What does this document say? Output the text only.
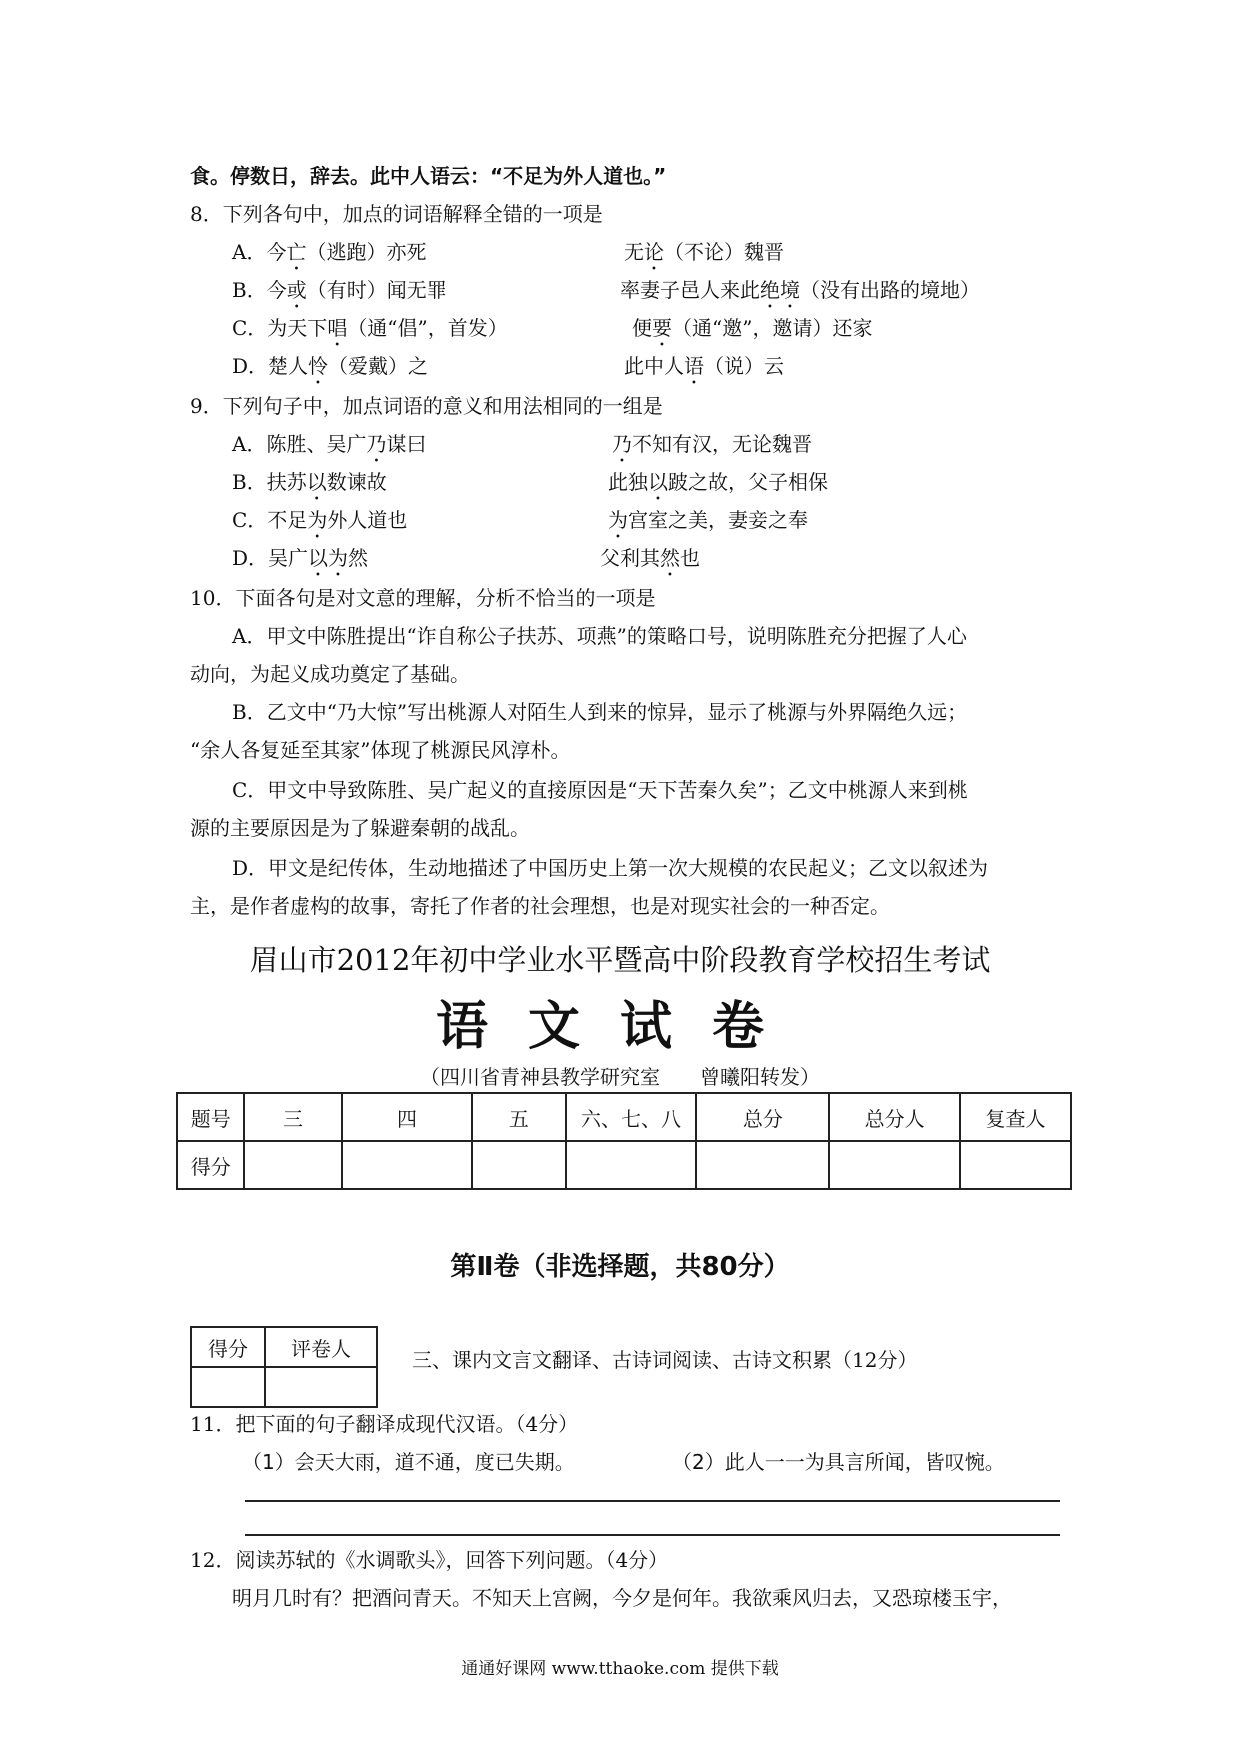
食。停数日，辞去。此中人语云：“不足为外人道也。”
8．下列各句中，加点的词语解释全错的一项是
A．今亡（逃跑）亦死	无论（不论）魏晋
B．今或（有时）闻无罪	率妻子邑人来此绝境（没有出路的境地）
C．为天下唱（通“倡”，首发）	便要（通“邀”，邀请）还家
D．楚人怜（爱戴）之	此中人语（说）云
9．下列句子中，加点词语的意义和用法相同的一组是
A．陈胜、吴广乃谋曰	乃不知有汉，无论魏晋
B．扶苏以数谏故	此独以跛之故，父子相保
C．不足为外人道也	为宫室之美，妻妾之奉
D．吴广以为然	父利其然也
10．下面各句是对文意的理解，分析不恰当的一项是
A．甲文中陈胜提出“诈自称公子扶苏、项燕”的策略口号，说明陈胜充分把握了人心
动向，为起义成功奠定了基础。
B．乙文中“乃大惊”写出桃源人对陌生人到来的惊异，显示了桃源与外界隔绝久远；
“余人各复延至其家”体现了桃源民风淳朴。
C．甲文中导致陈胜、吴广起义的直接原因是“天下苦秦久矣”；乙文中桃源人来到桃
源的主要原因是为了躲避秦朝的战乱。
D．甲文是纪传体，生动地描述了中国历史上第一次大规模的农民起义；乙文以叙述为
主，是作者虚构的故事，寄托了作者的社会理想，也是对现实社会的一种否定。
眉山市2012年初中学业水平暨高中阶段教育学校招生考试
语文试卷
（四川省青神县教学研究室　　曾曦阳转发）
题号	三	四	五	六、七、八	总分	总分人	复查人
得分							
第Ⅱ卷（非选择题，共80分）
得分	评卷人
		三、课内文言文翻译、古诗词阅读、古诗文积累（12分）
11．把下面的句子翻译成现代汉语。（4分）
（1）会天大雨，道不通，度已失期。	（2）此人一一为具言所闻，皆叹惋。
12．阅读苏轼的《水调歌头》，回答下列问题。（4分）
明月几时有？把酒问青天。不知天上宫阙，今夕是何年。我欲乘风归去，又恐琼楼玉宇，
通通好课网 www.tthaoke.com 提供下载
